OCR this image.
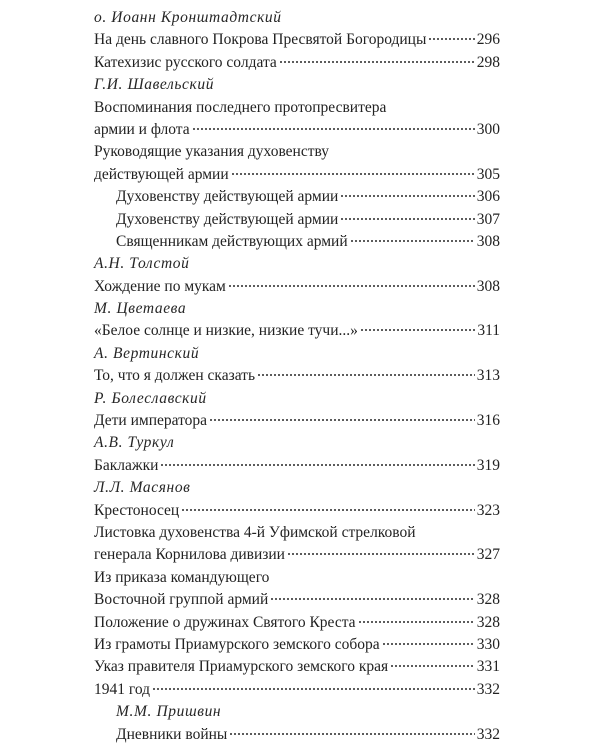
о. Иоанн Кронштадтский
На день славного Покрова Пресвятой Богородицы	296
Катехизис русского солдата	298
Г.И. Шавельский
Воспоминания последнего протопресвитера
армии и флота	300
Руководящие указания духовенству
действующей армии	305
Духовенству действующей армии	306
Духовенству действующей армии	307
Священникам действующих армий	308
А.Н. Толстой
Хождение по мукам	308
М. Цветаева
«Белое солнце и низкие, низкие тучи...»	311
А. Вертинский
То, что я должен сказать	313
Р. Болеславский
Дети императора	316
А.В. Туркул
Баклажки	319
Л.Л. Масянов
Крестоносец	323
Листовка духовенства 4-й Уфимской стрелковой
генерала Корнилова дивизии	327
Из приказа командующего
Восточной группой армий	328
Положение о дружинах Святого Креста	328
Из грамоты Приамурского земского собора	330
Указ правителя Приамурского земского края	331
1941 год	332
М.М. Пришвин
Дневники войны	332
